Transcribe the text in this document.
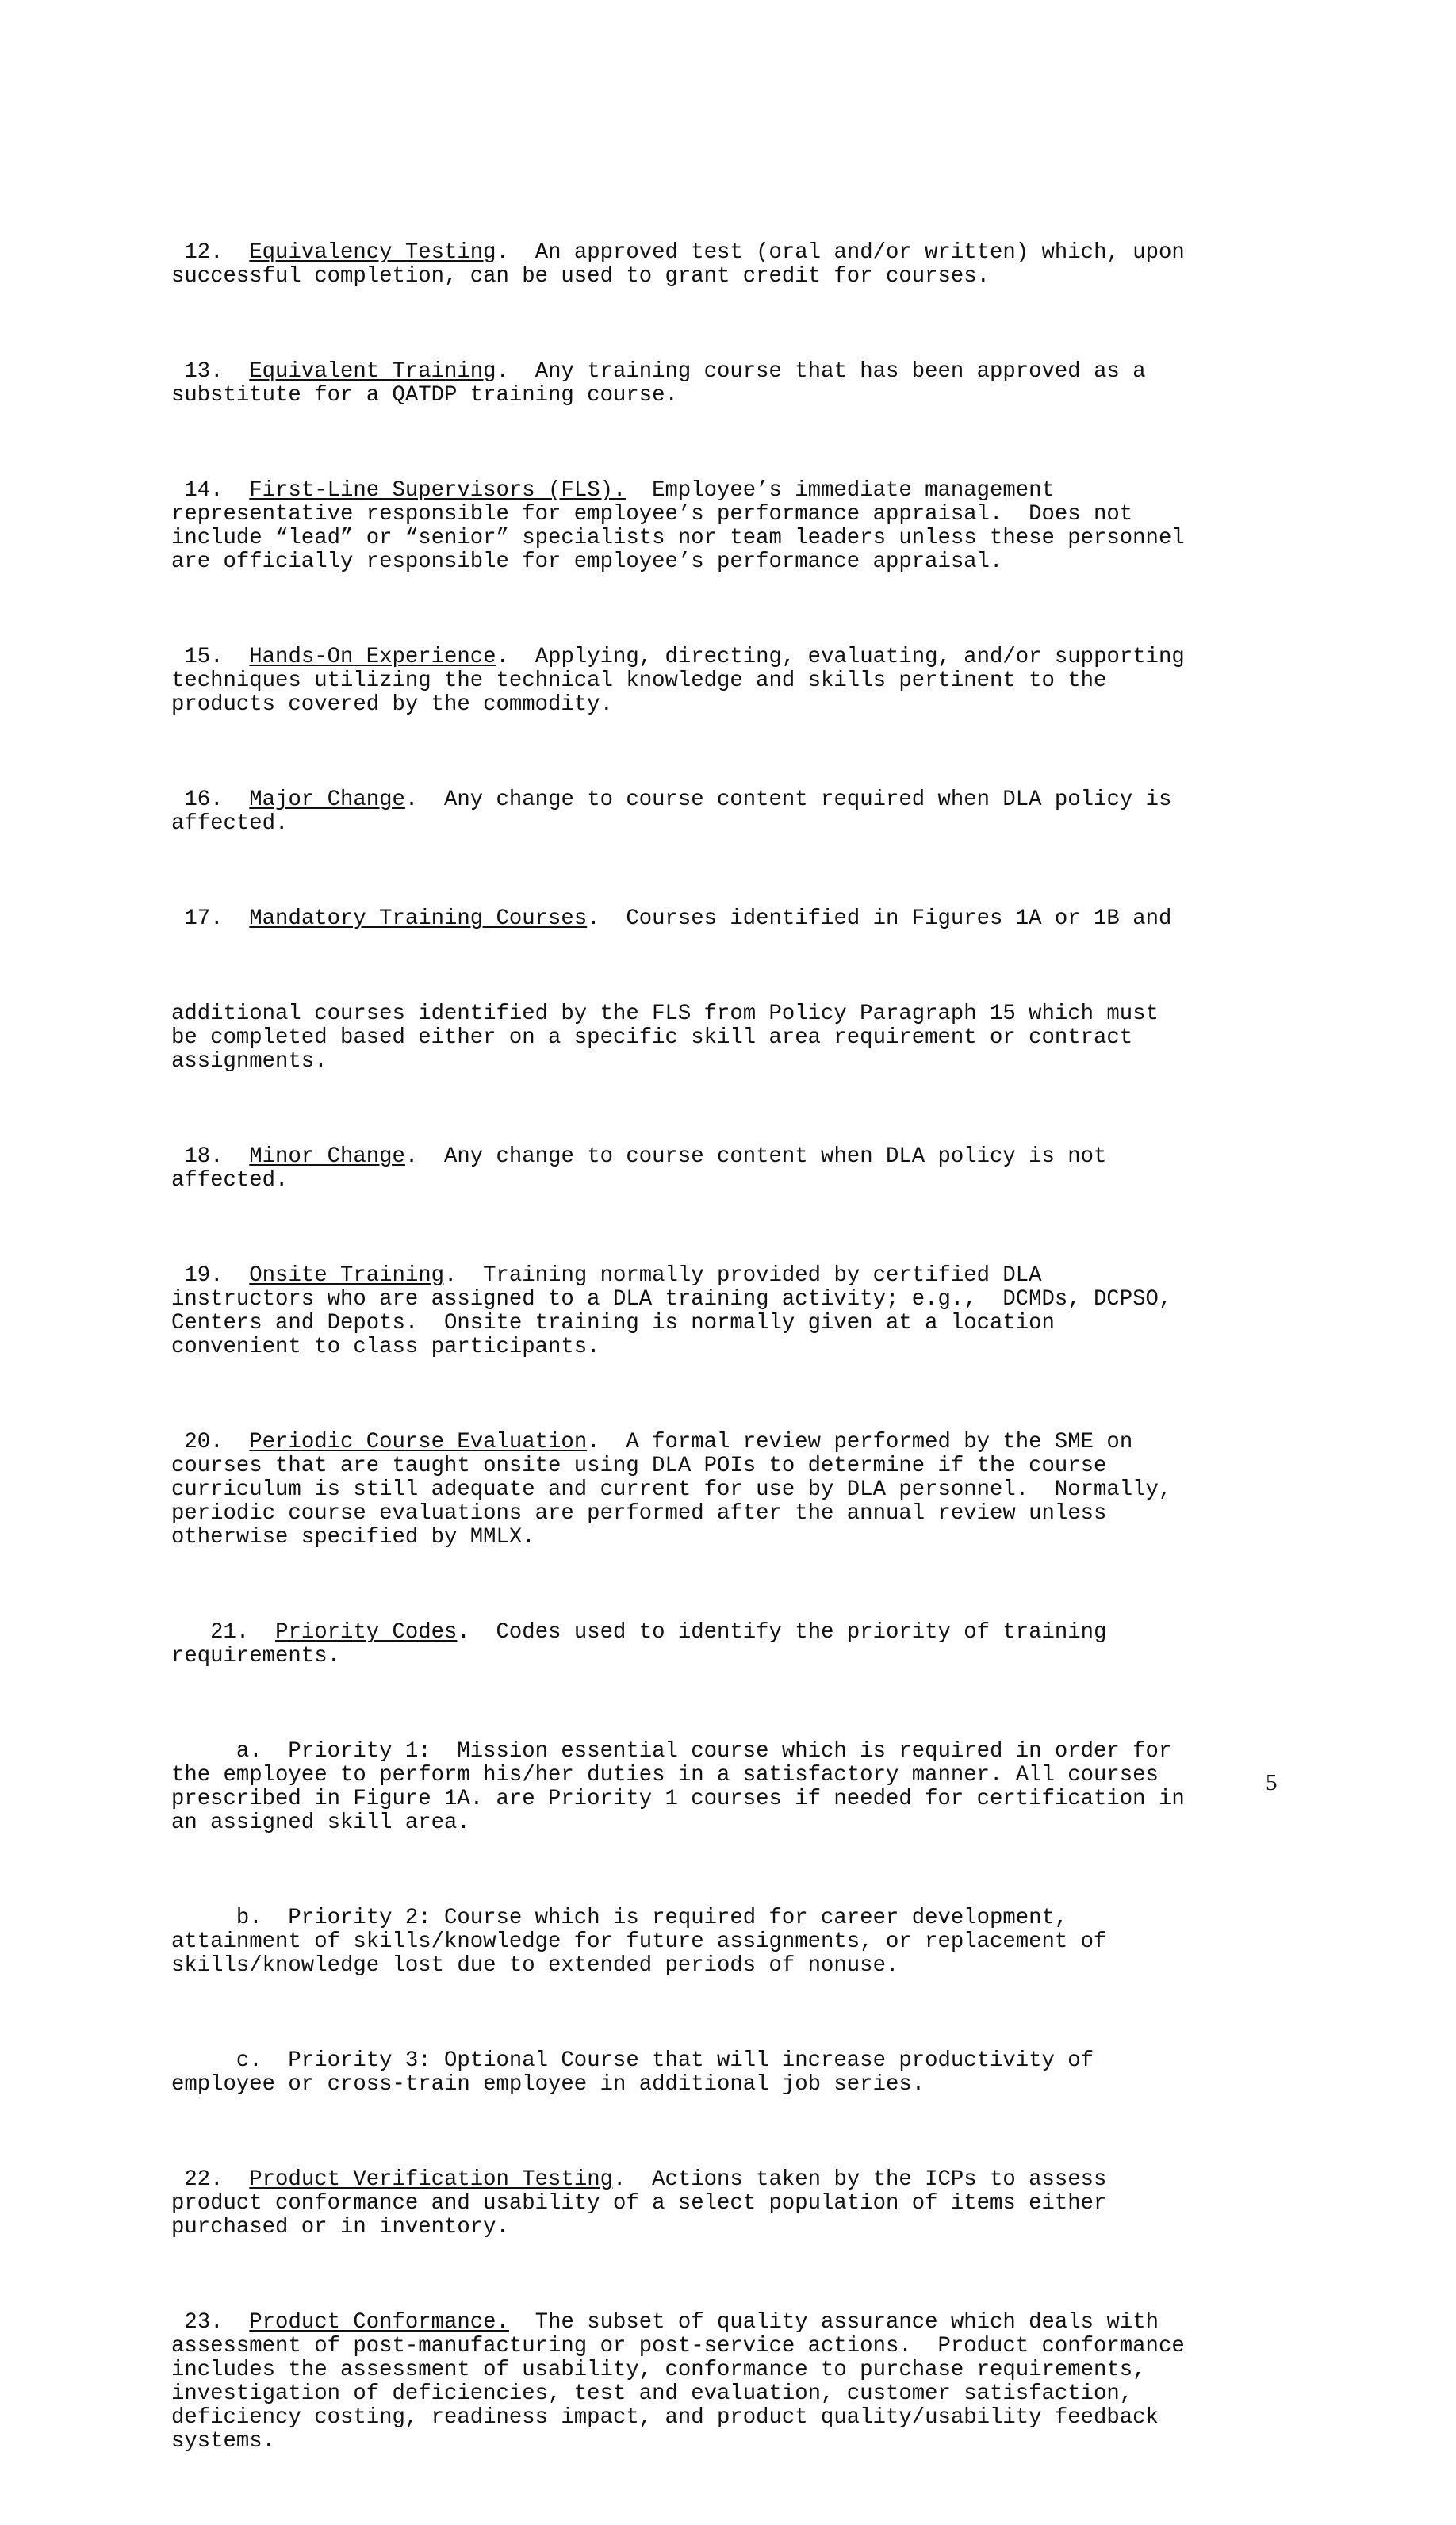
12.  Equivalency Testing.  An approved test (oral and/or written) which, upon
successful completion, can be used to grant credit for courses.

13.  Equivalent Training.  Any training course that has been approved as a
substitute for a QATDP training course.

14.  First-Line Supervisors (FLS).  Employee’s immediate management
representative responsible for employee’s performance appraisal.  Does not
include “lead” or “senior” specialists nor team leaders unless these personnel
are officially responsible for employee’s performance appraisal.

15.  Hands-On Experience.  Applying, directing, evaluating, and/or supporting
techniques utilizing the technical knowledge and skills pertinent to the
products covered by the commodity.

16.  Major Change.  Any change to course content required when DLA policy is
affected.

17.  Mandatory Training Courses.  Courses identified in Figures 1A or 1B and

additional courses identified by the FLS from Policy Paragraph 15 which must
be completed based either on a specific skill area requirement or contract
assignments.

18.  Minor Change.  Any change to course content when DLA policy is not
affected.

19.  Onsite Training.  Training normally provided by certified DLA
instructors who are assigned to a DLA training activity; e.g.,  DCMDs, DCPSO,
Centers and Depots.  Onsite training is normally given at a location
convenient to class participants.

20.  Periodic Course Evaluation.  A formal review performed by the SME on
courses that are taught onsite using DLA POIs to determine if the course
curriculum is still adequate and current for use by DLA personnel.  Normally,
periodic course evaluations are performed after the annual review unless
otherwise specified by MMLX.

21.  Priority Codes.  Codes used to identify the priority of training
requirements.

a.  Priority 1:  Mission essential course which is required in order for
the employee to perform his/her duties in a satisfactory manner. All courses
prescribed in Figure 1A. are Priority 1 courses if needed for certification in
an assigned skill area.

b.  Priority 2: Course which is required for career development,
attainment of skills/knowledge for future assignments, or replacement of
skills/knowledge lost due to extended periods of nonuse.

c.  Priority 3: Optional Course that will increase productivity of
employee or cross-train employee in additional job series.

22.  Product Verification Testing.  Actions taken by the ICPs to assess
product conformance and usability of a select population of items either
purchased or in inventory.

23.  Product Conformance.  The subset of quality assurance which deals with
assessment of post-manufacturing or post-service actions.  Product conformance
includes the assessment of usability, conformance to purchase requirements,
investigation of deficiencies, test and evaluation, customer satisfaction,
deficiency costing, readiness impact, and product quality/usability feedback
systems.

5
